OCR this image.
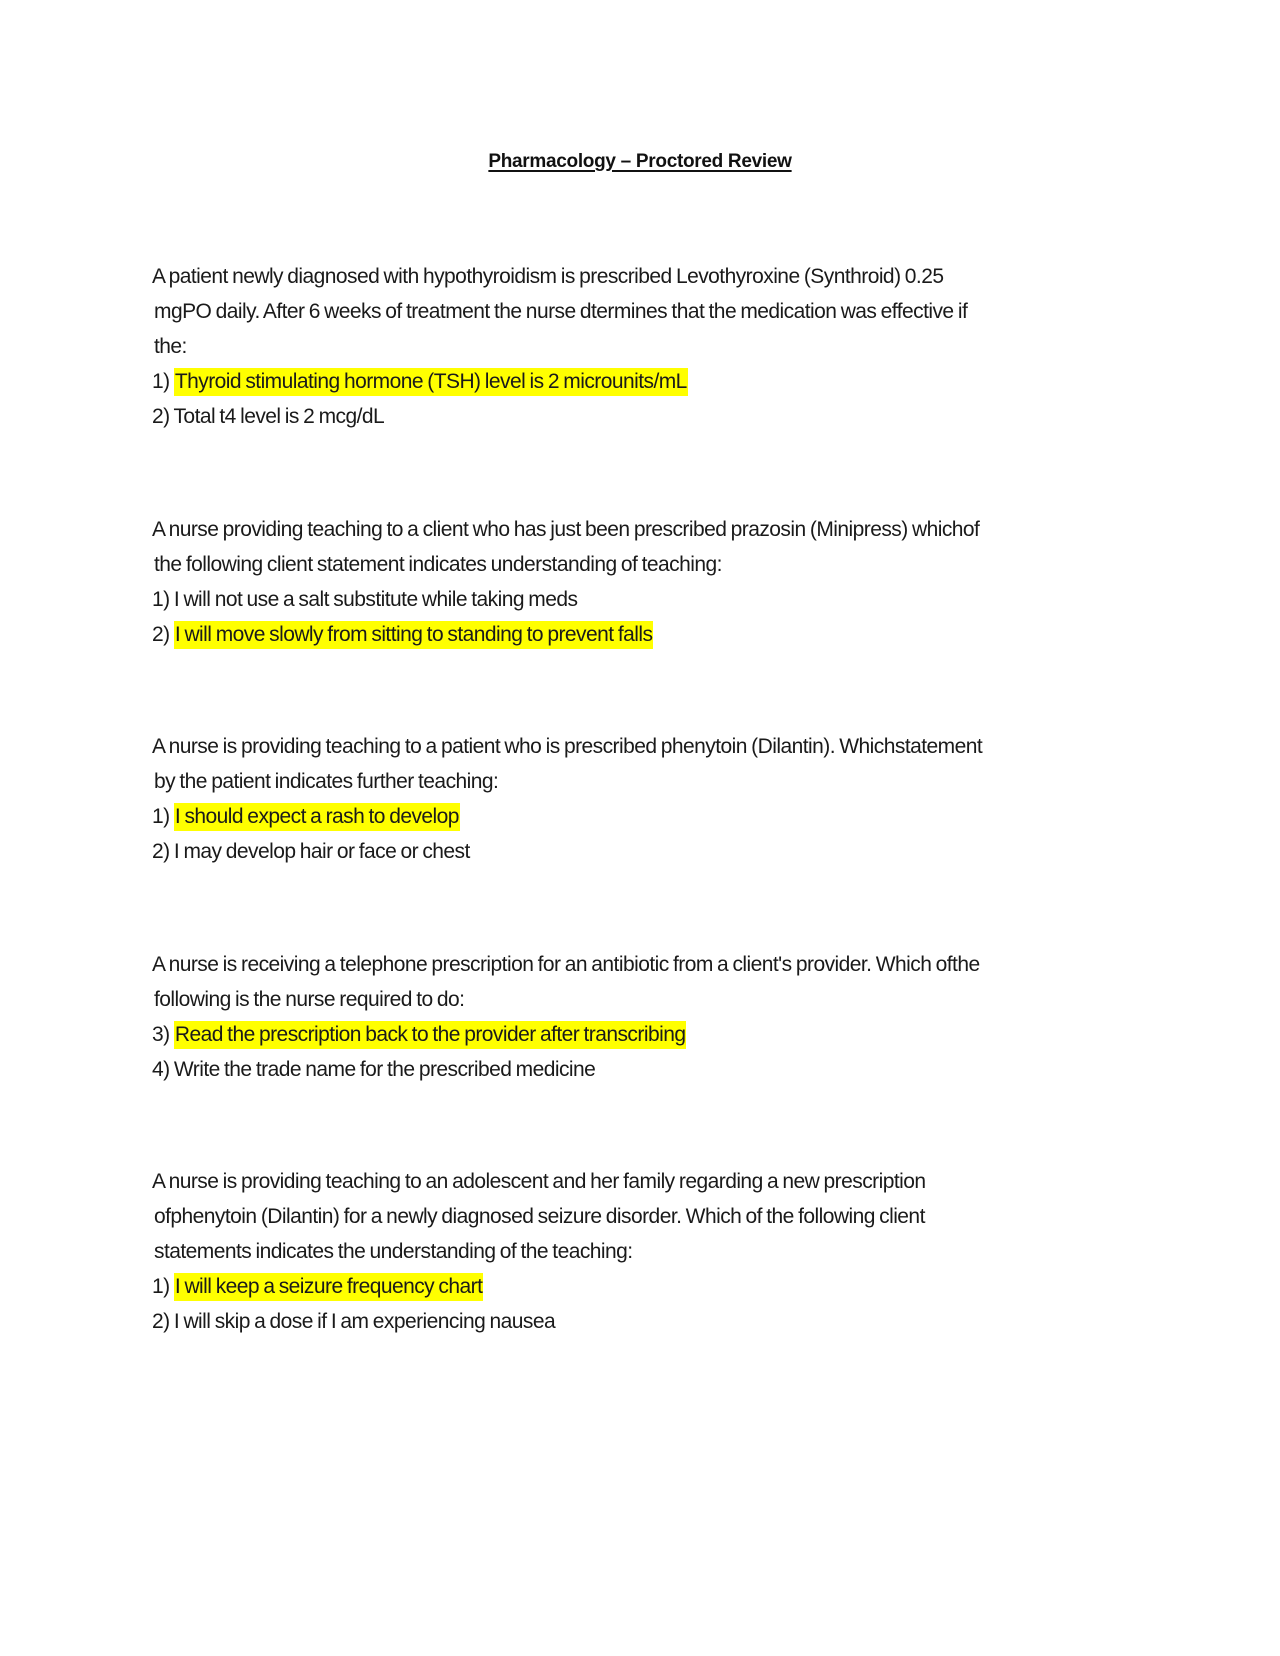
Pharmacology – Proctored Review
A patient newly diagnosed with hypothyroidism is prescribed Levothyroxine (Synthroid) 0.25
mgPO daily. After 6 weeks of treatment the nurse dtermines that the medication was effective if
the:
1) Thyroid stimulating hormone (TSH) level is 2 microunits/mL
2) Total t4 level is 2 mcg/dL
A nurse providing teaching to a client who has just been prescribed prazosin (Minipress) whichof
the following client statement indicates understanding of teaching:
1) I will not use a salt substitute while taking meds
2) I will move slowly from sitting to standing to prevent falls
A nurse is providing teaching to a patient who is prescribed phenytoin (Dilantin). Whichstatement
by the patient indicates further teaching:
1) I should expect a rash to develop
2) I may develop hair or face or chest
A nurse is receiving a telephone prescription for an antibiotic from a client's provider. Which ofthe
following is the nurse required to do:
3) Read the prescription back to the provider after transcribing
4) Write the trade name for the prescribed medicine
A nurse is providing teaching to an adolescent and her family regarding a new prescription
ofphenytoin (Dilantin) for a newly diagnosed seizure disorder. Which of the following client
statements indicates the understanding of the teaching:
1) I will keep a seizure frequency chart
2) I will skip a dose if I am experiencing nausea
